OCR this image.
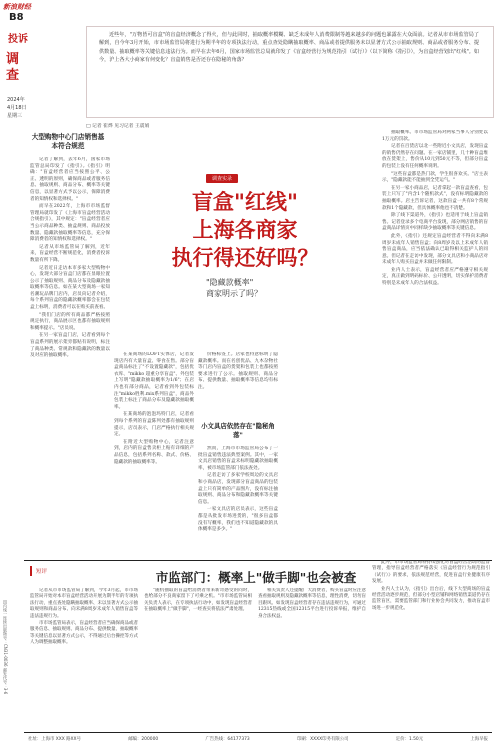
新浪财经
B8
投诉
调查
2024年
4月18日
星期三
国内统一连续出版物号：CN31-0036 邮发代号：3-6
近些年，"万物皆可盲盒"的盲盒经济概念了得火，但与此同时，抽取概率模糊、缺乏未成年人消费限制等越来越多的问题也暴露在大众面前。记者从市市场监管局了解到，自今年3月开始，市市场监管局将进行为期半年的专项执法行动，重点查处隐瞒抽取概率、商品或者提供服务未以显著方式公示抽取规则、商品或者服务分布、提供数量、抽取概率等关键信息违法行为。而早在去年6月，国家市场监管总局就印发了《盲盒经营行为规范指引（试行）》（以下简称《指引》），为盲盒经营划出"红线"。如今，沪上各大小商家有何变化？盲盒销售是否还存在隐秘的角落？
□ 记者 崔烨 见习记者 王震娟
大型购物中心门店销售基本符合规范

记者了解到，去年6月，国家市场监管总局印发了《指引》。《指引》明确："盲盒经营者应当按照公平、公正、透明的原则，确保商品或者服务信息、抽取规则、商品分布、概率等关键信息，以显著方式予以公示，保障消费者的知情权和选择权。"

而早在2022年，上海市市场监督管理局就印发了《上海市盲盒经营活动合规指引》，其中规定："盲盒经营者应当公示商品种类、抽盒规则、商品投放数量、隐藏款抽取概率等信息，充分保障消费者的知情权和选择权。"

记者从市场监管局了解到，近年来，盲盒经营不断规范化，消费者投诉数量有所下降。

记者近日走访本市多家大型购物中心，发现大部分盲盒门店都在显眼位置公示了抽取规则、商品分布及隐藏款抽取概率等信息。如在某大型商场一家知名潮玩品牌门店内，店员向记者介绍，每个系列盲盒的隐藏款概率都会在包装盒上标明，消费者可以在购买前查看。

"我们门店的所有商品都严格按照规定执行，商品展示区也都有抽取规则和概率提示。"店员说。

在另一家盲盒门店，记者看到每个盲盒系列的展示架旁都贴有说明，标注了商品种类、常规款和隐藏款的数量以及对应的抽取概率。

调查实录
盲盒"红线"
上海各商家
执行得还好吗？
"隐藏款概率"
商家明示了吗？

在某商场的LOFT实体店，记者发现店内有大量盲盒、零食在售。部分盲盒商品标注了"不设置隐藏款"，包括优衣库、"mikko 超重分享盲盒"、外包装上写明"隐藏款抽取概率为1/6"；在店内也有部分商品，记者看到外包装标注"mikko胜利.mix系列盲盒"，商品外包装上标注了商品分布及隐藏款抽取概率。

在某商场的泡泡玛特门店，记者看到每个系列的盲盒陈列处都有抽取规则提示，店员表示，门店严格执行相关规定。

在附近大型购物中心，记者注意到，店内的盲盒售卖柜上贴有详细的产品信息，包括系列名称、款式、价格、隐藏款的抽取概率等。

价格标签上。店家也特意标明了隐藏款概率。而在名创优品、九木杂物社等门店内盲盒的货架和包装上也都按照要求进行了公示。抽取规则、商品分布、提供数量、抽取概率等信息均有标注。

小文具店依然存在"隐秘角落"

然而，上海市市场监管局公布了一批盲盒销售违法典型案例。其中，一家文具店销售的盲盒未标明隐藏款抽取概率，被市场监管部门依法查处。

记者走访了多家学校周边的文具店和小商品店，发现部分盲盒商品的包装盒上只有简单的产品图片，没有标注抽取规则、商品分布和隐藏款概率等关键信息。

一家文具店的店员表示，这些盲盒都是从批发市场进货的，"很多盲盒都没有写概率，我们也不知道隐藏款的具体概率是多少。"

抽取概率。市市场监管局对两家当事人分别处以1万元的罚款。

记者在百货店以北一些附近小文具店，发现盲盒的销售仍然存在问题。在一家店铺里，几十种盲盒堆放在货架上，售价从10元到50元不等，但部分盲盒的包装上没有任何概率说明。

"这些盲盒都是热门款，学生很喜欢买。"店主表示，"隐藏款能不能抽到全凭运气。"

在另一家小商品店，记者拿起一款盲盒查看，包装上只写了"内含1个随机款式"，没有标明隐藏款的抽取概率。店主告诉记者，这款盲盒一共有8个常规款和1个隐藏款，但具体概率他也不清楚。

除了线下渠道外，《指引》也适用于线上盲盒销售。记者登录多个电商平台发现，部分网店销售的盲盒商品详情页中同样缺少抽取概率等关键信息。

此外，《指引》还规定盲盒经营者不得向未满8周岁未成年人销售盲盒；向8周岁及以上未成年人销售盲盒商品，应当依法确认已取得相关监护人的同意。但记者在走访中发现，部分文具店和小商品店对未成年人购买盲盒并未做任何限制。

业内人士表示，盲盒经营者应严格遵守相关规定，真正做到明码标价、公开透明，切实保护消费者特别是未成年人的合法权益。

短评	市监部门：概率上"做手脚"也会被查

记者从市市场监管局了解到，今年3月起，市市场监管局开始对本市盲盒经营活动开展为期半年的专项执法行动，重点查处隐瞒抽取概率、未以显著方式公示抽取规则和商品分布、向未满8周岁未成年人销售盲盒等违法违规行为。

市市场监管局表示，盲盒经营者应当确保商品或者服务信息、抽取规则、商品分布、提供数量、抽取概率等关键信息以显著方式公示，不得通过后台操控等方式人为调整抽取概率。

"随机抽取的盲盒给消费者带来新奇感受的同时，也给部分不良商家留下了可乘之机。"市市场监管局相关负责人表示，在专项执法行动中，如发现盲盒经营者在抽取概率上"做手脚"，一经查实将依法严肃处理。

相关负责人还提醒广大消费者，购买盲盒时应注意查看抽取规则及隐藏款概率等信息，理性消费，切勿盲目跟风。如发现盲盒经营者存在违法违规行为，可通过12315热线或全国12315平台进行投诉举报，维护自身合法权益。

此外，市市场监管局将持续强化对盲盒经营活动的监督管理，指导盲盒经营者严格落实《盲盒经营行为规范指引（试行）》的要求，依法规范经营，促进盲盒行业健康有序发展。

业内人士认为，《指引》出台后，线下大型商场的盲盒经营活动逐步规范，但部分小型店铺和网络销售渠道仍存在监管盲区，需要监管部门和行业协会共同发力，推动盲盒市场进一步规范化。

社址：上海市 XXX 路XX号	邮编：200000	广告热线：64177373	印刷：XXXX印务有限公司	定价：1.50元	上海早报
